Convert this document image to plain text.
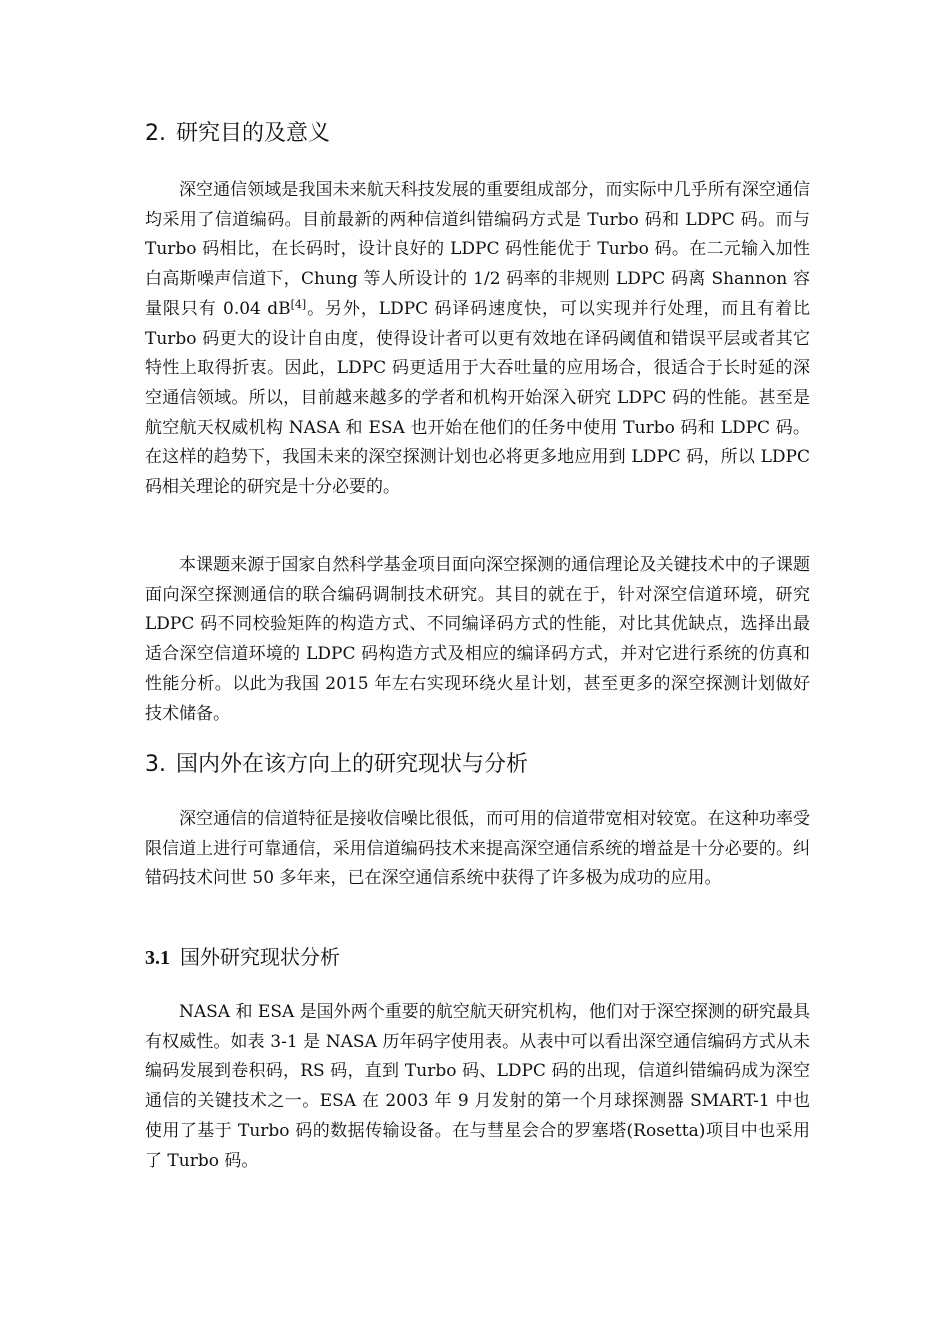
2. 研究目的及意义

深空通信领域是我国未来航天科技发展的重要组成部分，而实际中几乎所有深空通信均采用了信道编码。目前最新的两种信道纠错编码方式是 Turbo 码和 LDPC 码。而与 Turbo 码相比，在长码时，设计良好的 LDPC 码性能优于 Turbo 码。在二元输入加性白高斯噪声信道下，Chung 等人所设计的 1/2 码率的非规则 LDPC 码离 Shannon 容量限只有 0.04 dB[4]。另外，LDPC 码译码速度快，可以实现并行处理，而且有着比 Turbo 码更大的设计自由度，使得设计者可以更有效地在译码阈值和错误平层或者其它特性上取得折衷。因此，LDPC 码更适用于大吞吐量的应用场合，很适合于长时延的深空通信领域。所以，目前越来越多的学者和机构开始深入研究 LDPC 码的性能。甚至是航空航天权威机构 NASA 和 ESA 也开始在他们的任务中使用 Turbo 码和 LDPC 码。在这样的趋势下，我国未来的深空探测计划也必将更多地应用到 LDPC 码，所以 LDPC 码相关理论的研究是十分必要的。

本课题来源于国家自然科学基金项目面向深空探测的通信理论及关键技术中的子课题面向深空探测通信的联合编码调制技术研究。其目的就在于，针对深空信道环境，研究 LDPC 码不同校验矩阵的构造方式、不同编译码方式的性能，对比其优缺点，选择出最适合深空信道环境的 LDPC 码构造方式及相应的编译码方式，并对它进行系统的仿真和性能分析。以此为我国 2015 年左右实现环绕火星计划，甚至更多的深空探测计划做好技术储备。

3. 国内外在该方向上的研究现状与分析

深空通信的信道特征是接收信噪比很低，而可用的信道带宽相对较宽。在这种功率受限信道上进行可靠通信，采用信道编码技术来提高深空通信系统的增益是十分必要的。纠错码技术问世 50 多年来，已在深空通信系统中获得了许多极为成功的应用。

3.1 国外研究现状分析

NASA 和 ESA 是国外两个重要的航空航天研究机构，他们对于深空探测的研究最具有权威性。如表 3-1 是 NASA 历年码字使用表。从表中可以看出深空通信编码方式从未编码发展到卷积码，RS 码，直到 Turbo 码、LDPC 码的出现，信道纠错编码成为深空通信的关键技术之一。ESA 在 2003 年 9 月发射的第一个月球探测器 SMART-1 中也使用了基于 Turbo 码的数据传输设备。在与彗星会合的罗塞塔(Rosetta)项目中也采用了 Turbo 码。
